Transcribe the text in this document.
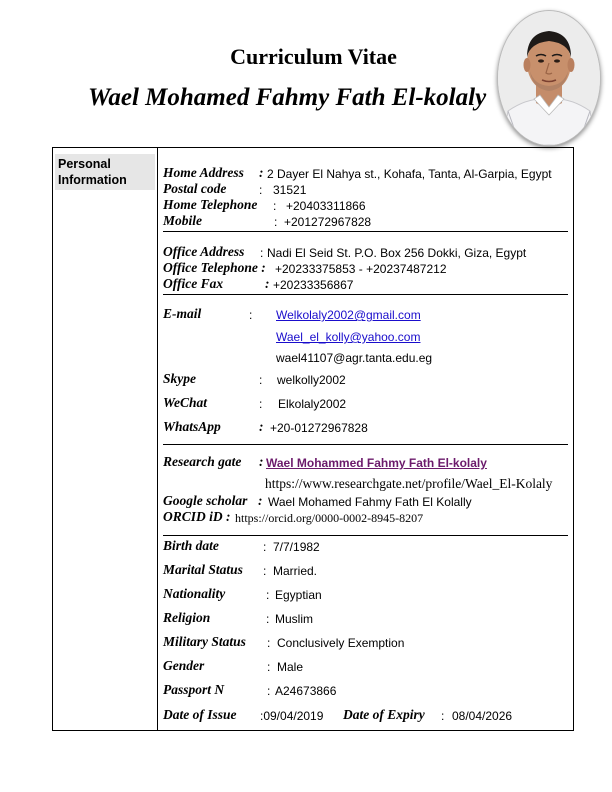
Curriculum Vitae
Wael Mohamed Fahmy Fath El-kolaly
Personal Information	Home Address : 2 Dayer El Nahya st., Kohafa, Tanta, Al-Garpia, Egypt
Postal code	: 31521
Home Telephone : +20403311866
Mobile	: +201272967828
Office Address : Nadi El Seid St. P.O. Box 256 Dokki, Giza, Egypt
Office Telephone : +20233375853 - +20237487212
Office Fax	: +20233356867
E-mail	: Welkolaly2002@gmail.com
Wael_el_kolly@yahoo.com
wael41107@agr.tanta.edu.eg
Skype	: welkolly2002
WeChat	: Elkolaly2002
WhatsApp	: +20-01272967828
Research gate : Wael Mohammed Fahmy Fath El-kolaly
https://www.researchgate.net/profile/Wael_El-Kolaly
Google scholar : Wael Mohamed Fahmy Fath El Kolally
ORCID iD : https://orcid.org/0000-0002-8945-8207
Birth date	: 7/7/1982
Marital Status : Married.
Nationality	: Egyptian
Religion	: Muslim
Military Status : Conclusively Exemption
Gender	: Male
Passport N	: A24673866
Date of Issue :09/04/2019 Date of Expiry : 08/04/2026
